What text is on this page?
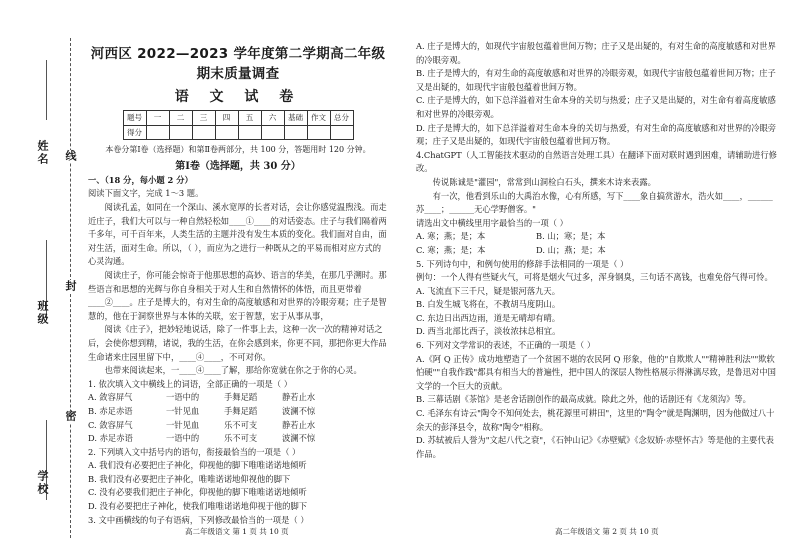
姓名
班级
学校
线
封
密
河西区 2022—2023 学年度第二学期高二年级期末质量调查
语 文 试 卷
题号	一	二	三	四	五	六	基础	作文	总分
得分									
本卷分第Ⅰ卷（选择题）和第Ⅱ卷两部分，共 100 分，答题用时 120 分钟。
第Ⅰ卷（选择题，共 30 分）

一、（18 分，每小题 2 分）

阅读下面文字，完成 1～3 题。

阅读孔孟，如同在一个深山、溪水宽厚的长者对话，会让你感觉温煦浅。而走近庄子，我们大可以与一种自然轻松如____①____的对话姿态。庄子与我们隔着两千多年，可千百年来，人类生活的主题并没有发生本质的变化。我们面对自由，面对生活，面对生命。所以，（ ），而应为之进行一种既从之的平易而相对应方式的心灵沟通。

阅读庄子，你可能会惊奇于他那思想的高妙、语言的华美，在那几乎溯时。那些语言和思想的光辉与你自身相关于对人生和自然情怀的体悟，而且更带着____②____。庄子是博大的，有对生命的高度敏感和对世界的冷眼旁观；庄子是智慧的，他在于洞察世界与本体的关联，宏于智慧，宏于从事从事，

阅读《庄子》，把妙轻地说话，除了一件事上去，这种一次一次的精神对话之后，会使你想到精，诸说，我的生活，在你会感到来，你更不同，那把你更大作品生命诸来庄园里留下中，____④____，不可对你。

也带来阅读起来，一____④____了解，那给你宽就在你之于你的心灵。

1. 依次填入文中横线上的词语，全部正确的一项是（ ）

A. 敛容屏气	一语中的	手舞足蹈	静若止水
B. 赤足赤语	一针见血	手舞足蹈	波澜不惊
C. 敛容屏气	一针见血	乐不可支	静若止水
D. 赤足赤语	一语中的	乐不可支	波澜不惊

2. 下列填入文中括号内的语句，衔接最恰当的一项是（ ）

A. 我们没有必要把庄子神化，仰视他的脚下唯唯诺诺地倾听

B. 我们没有必要把庄子神化，唯唯诺诺地仰视他的脚下

C. 没有必要我们把庄子神化，仰视他的脚下唯唯诺诺地倾听

D. 没有必要把庄子神化，使我们唯唯诺诺地仰视于他的脚下

3. 文中画横线的句子有语病，下列修改最恰当的一项是（ ）

高二年级语文 第 1 页 共 10 页

A. 庄子是博大的，如现代宇宙般包蕴着世间万物；庄子又是出疑的，有对生命的高度敏感和对世界的冷眼旁观。

B. 庄子是博大的，有对生命的高度敏感和对世界的冷眼旁观，如现代宇宙般包蕴着世间万物；庄子又是出疑的，如现代宇宙般包蕴着世间万物。

C. 庄子是博大的，如下总洋溢着对生命本身的关切与热爱；庄子又是出疑的，对生命有着高度敏感和对世界的冷眼旁观。

D. 庄子是博大的，如下总洋溢着对生命本身的关切与热爱，有对生命的高度敏感和对世界的冷眼旁观；庄子又是出疑的，如现代宇宙般包蕴着世间万物。

4.ChatGPT（人工智能技术驱动的自然语言处理工具）在翻译下面对联时遇到困难，请辅助进行修改。

传说陈诚是"灌园"，常常到山洞检白石头，撰来木诗来表露。

有一次，他看到乐山的大禹治水像，心有所感，写下____象自搞赏游水，浩火如____，______苏____；______无心学野僧客。"

请选出文中横线里用字最恰当的一项（ ）

A. 寒；燕；是；本	B. 山；寒；是；本
C. 寒；燕；是；本	D. 山；燕；是；本

5. 下列诗句中，和例句使用的修辞手法相同的一项是（ ）

例句：一个人得有些疑火气，可将是烟火气过多，浑身钢臭，三句话不离钱，也难免俗气得可怜。

A. 飞流直下三千尺，疑是银河落九天。

B. 白发生城飞将在，不教胡马度阴山。

C. 东边日出西边雨，道是无晴却有晴。

D. 西当北部比西子，淡妆浓抹总相宜。

6. 下列对文学常识的表述，不正确的一项是（ ）

A.《阿 Q 正传》成功地塑造了一个贫困不堪的农民阿 Q 形象，他的"自欺欺人""精神胜利法""欺软怕硬""自我作践"都具有相当大的普遍性，把中国人的深层人物性格展示得淋漓尽致，是鲁迅对中国文学的一个巨大的贡献。

B. 三幕话剧《茶馆》是老舍话剧创作的最高成就。除此之外，他的话剧还有《龙须沟》等。

C. 毛泽东有诗云"陶令不知何处去，桃花源里可耕田"，这里的"陶令"就是陶渊明，因为他做过八十余天的彭泽县令，故称"陶令"相称。

D. 苏轼被后人誉为"文起八代之衰"，《石钟山记》《赤壁赋》《念奴娇·赤壁怀古》等是他的主要代表作品。

高二年级语文 第 2 页 共 10 页
